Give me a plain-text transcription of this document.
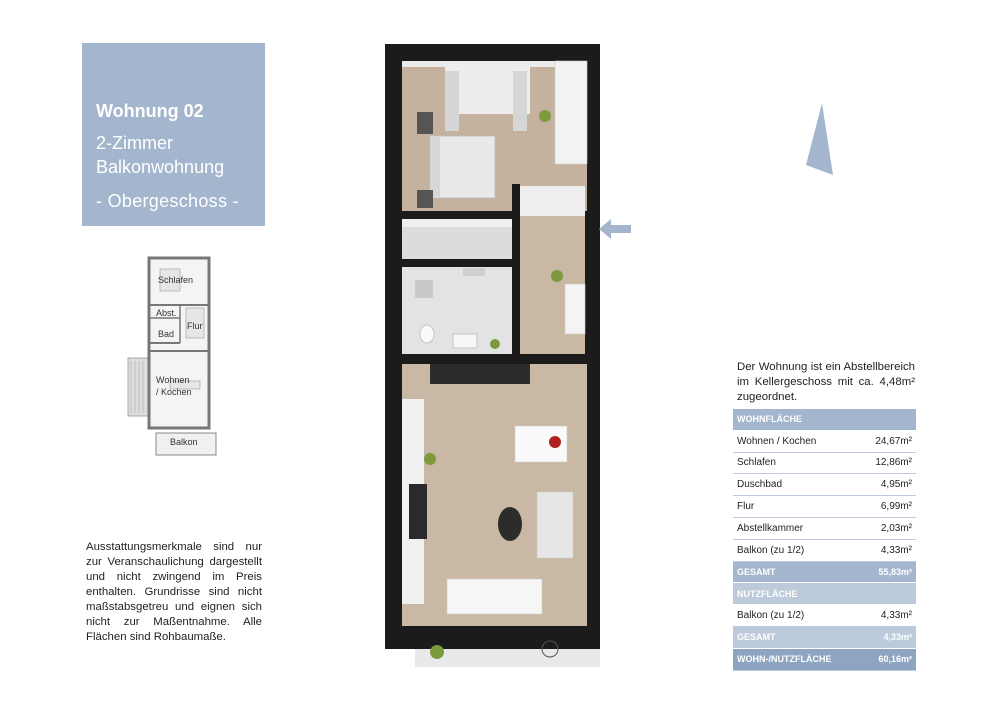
Wohnung 02
2-Zimmer
Balkonwohnung
- Obergeschoss -
Schlafen
Abst.
Flur
Bad
Wohnen
/ Kochen
Balkon
Ausstattungsmerkmale sind nur zur Veranschaulichung dargestellt und nicht zwingend im Preis enthalten. Grundrisse sind nicht maßstabsgetreu und eignen sich nicht zur Maßentnahme. Alle Flächen sind Rohbaumaße.
Der Wohnung ist ein Abstellbereich im Kellergeschoss mit ca. 4,48m² zugeordnet.
WOHNFLÄCHE	
Wohnen / Kochen	24,67m²
Schlafen	12,86m²
Duschbad	4,95m²
Flur	6,99m²
Abstellkammer	2,03m²
Balkon (zu 1/2)	4,33m²
GESAMT	55,83m²
NUTZFLÄCHE	
Balkon (zu 1/2)	4,33m²
GESAMT	4,33m²
WOHN-/NUTZFLÄCHE	60,16m²
